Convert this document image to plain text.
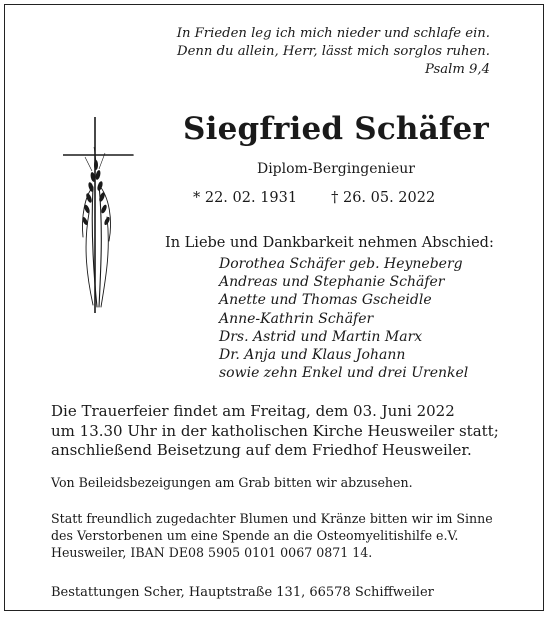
In Frieden leg ich mich nieder und schlafe ein.
Denn du allein, Herr, lässt mich sorglos ruhen.
Psalm 9,4
Siegfried Schäfer
Diplom-Bergingenieur
* 22. 02. 1931 † 26. 05. 2022
In Liebe und Dankbarkeit nehmen Abschied:
Dorothea Schäfer geb. Heyneberg
Andreas und Stephanie Schäfer
Anette und Thomas Gscheidle
Anne-Kathrin Schäfer
Drs. Astrid und Martin Marx
Dr. Anja und Klaus Johann
sowie zehn Enkel und drei Urenkel
Die Trauerfeier findet am Freitag, dem 03. Juni 2022
um 13.30 Uhr in der katholischen Kirche Heusweiler statt;
anschließend Beisetzung auf dem Friedhof Heusweiler.
Von Beileidsbezeigungen am Grab bitten wir abzusehen.
Statt freundlich zugedachter Blumen und Kränze bitten wir im Sinne
des Verstorbenen um eine Spende an die Osteomyelitishilfe e.V.
Heusweiler, IBAN DE08 5905 0101 0067 0871 14.
Bestattungen Scher, Hauptstraße 131, 66578 Schiffweiler
